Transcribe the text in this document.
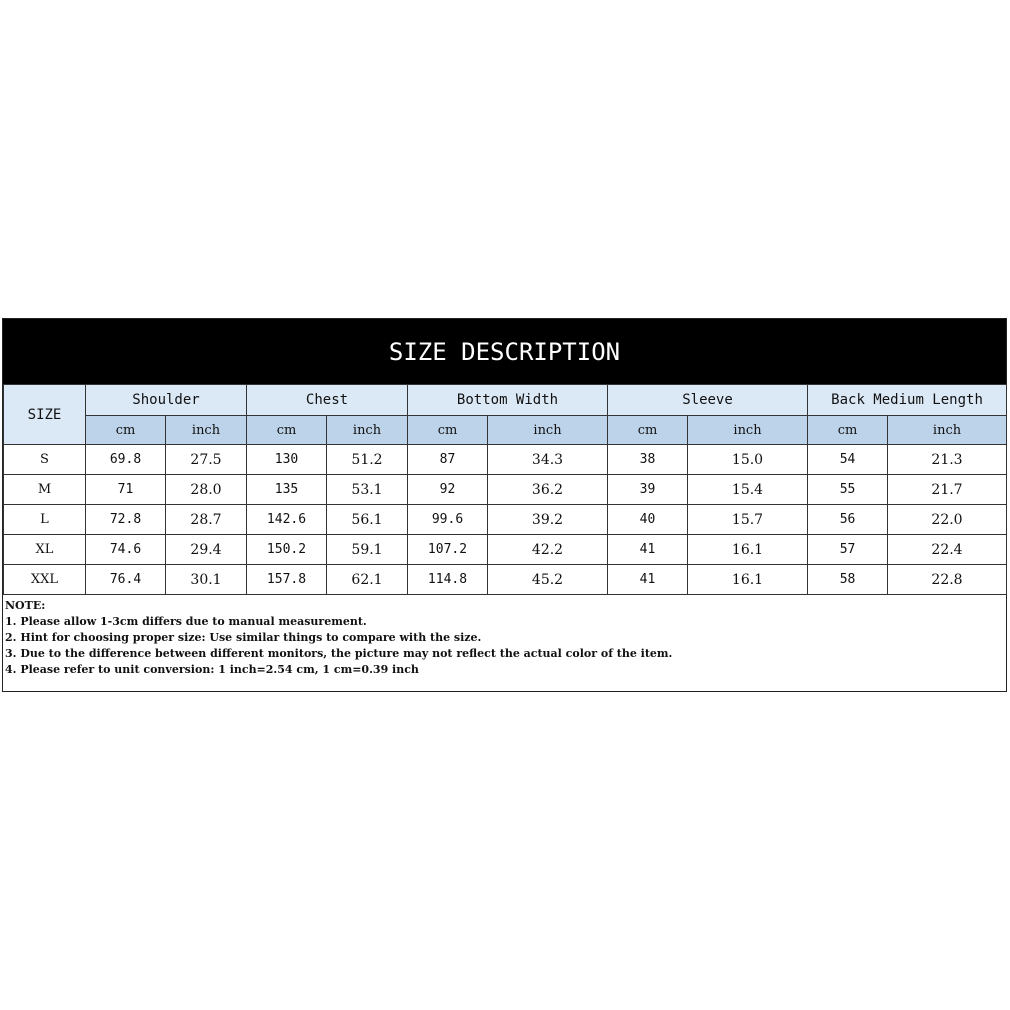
SIZE DESCRIPTION
SIZE	Shoulder		Chest		Bottom Width		Sleeve		Back Medium Length	
	cm	inch	cm	inch	cm	inch	cm	inch	cm	inch
S	69.8	27.5	130	51.2	87	34.3	38	15.0	54	21.3
M	71	28.0	135	53.1	92	36.2	39	15.4	55	21.7
L	72.8	28.7	142.6	56.1	99.6	39.2	40	15.7	56	22.0
XL	74.6	29.4	150.2	59.1	107.2	42.2	41	16.1	57	22.4
XXL	76.4	30.1	157.8	62.1	114.8	45.2	41	16.1	58	22.8
NOTE:
1. Please allow 1-3cm differs due to manual measurement.
2. Hint for choosing proper size: Use similar things to compare with the size.
3. Due to the difference between different monitors, the picture may not reflect the actual color of the item.
4. Please refer to unit conversion: 1 inch=2.54 cm, 1 cm=0.39 inch
